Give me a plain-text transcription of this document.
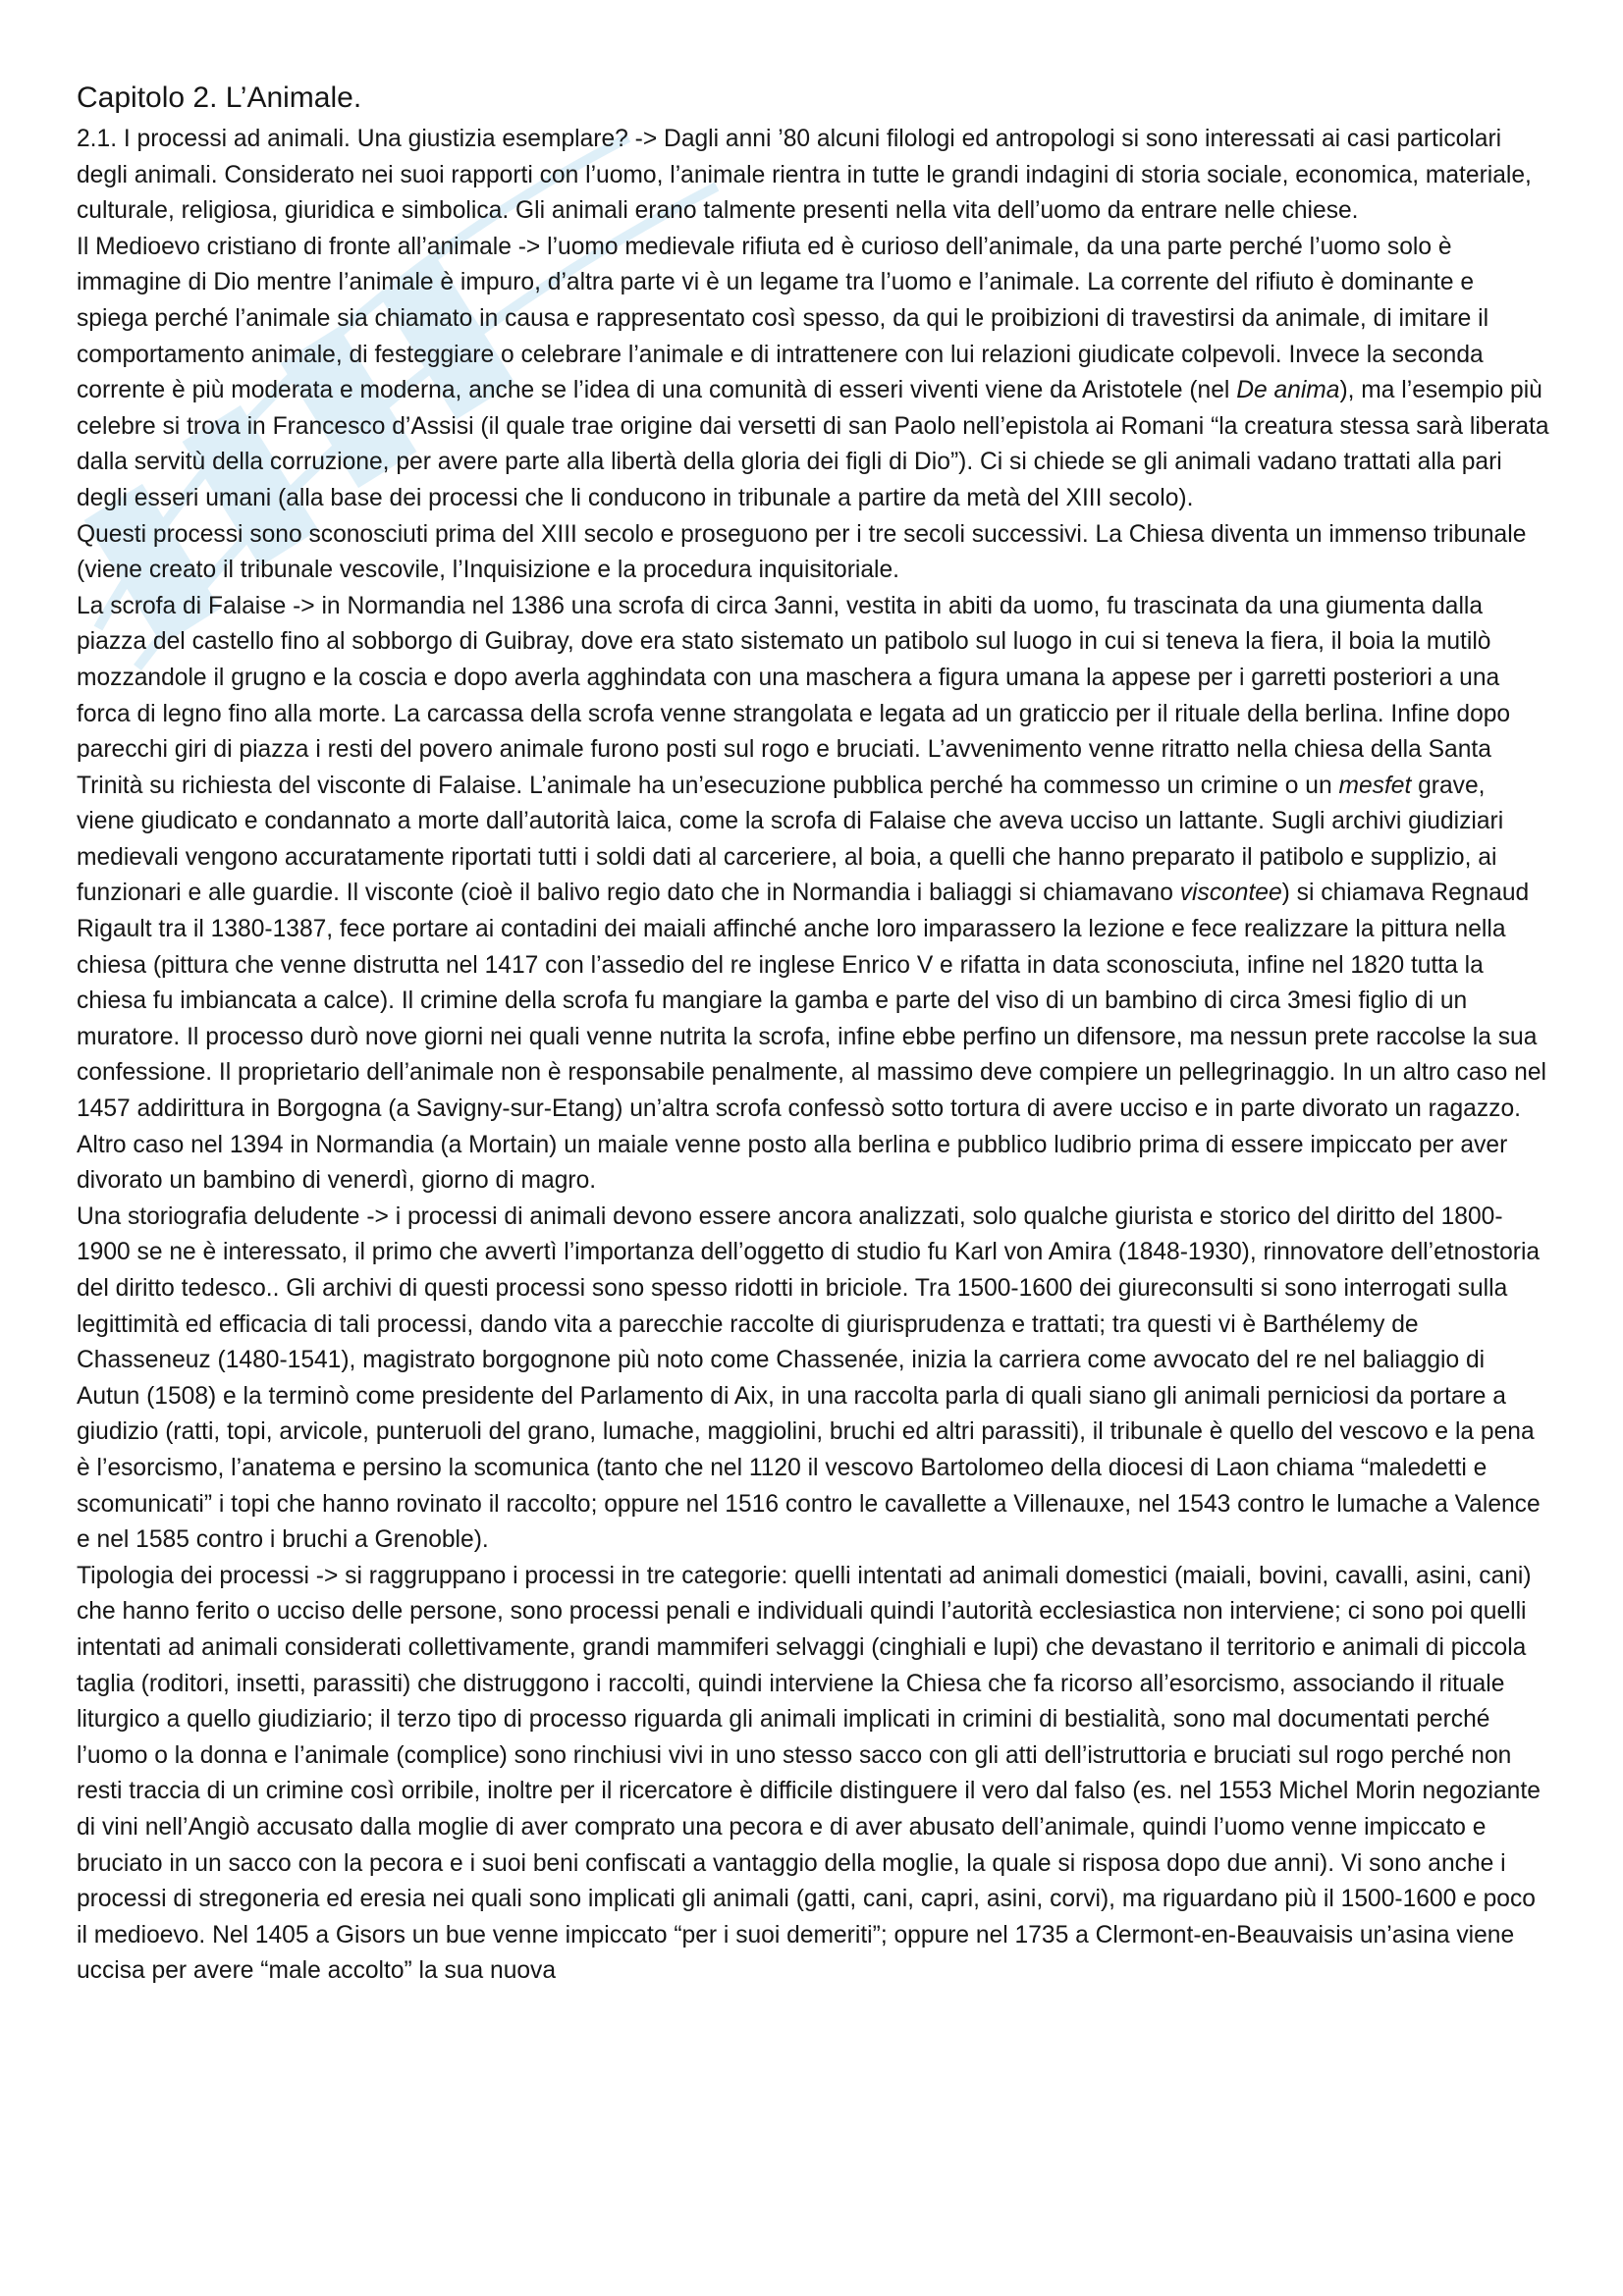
Capitolo 2. L’Animale.

2.1. I processi ad animali. Una giustizia esemplare? -> Dagli anni ’80 alcuni filologi ed antropologi si sono interessati ai casi particolari degli animali. Considerato nei suoi rapporti con l’uomo, l’animale rientra in tutte le grandi indagini di storia sociale, economica, materiale, culturale, religiosa, giuridica e simbolica. Gli animali erano talmente presenti nella vita dell’uomo da entrare nelle chiese.

Il Medioevo cristiano di fronte all’animale -> l’uomo medievale rifiuta ed è curioso dell’animale, da una parte perché l’uomo solo è immagine di Dio mentre l’animale è impuro, d’altra parte vi è un legame tra l’uomo e l’animale. La corrente del rifiuto è dominante e spiega perché l’animale sia chiamato in causa e rappresentato così spesso, da qui le proibizioni di travestirsi da animale, di imitare il comportamento animale, di festeggiare o celebrare l’animale e di intrattenere con lui relazioni giudicate colpevoli. Invece la seconda corrente è più moderata e moderna, anche se l’idea di una comunità di esseri viventi viene da Aristotele (nel De anima), ma l’esempio più celebre si trova in Francesco d’Assisi (il quale trae origine dai versetti di san Paolo nell’epistola ai Romani “la creatura stessa sarà liberata dalla servitù della corruzione, per avere parte alla libertà della gloria dei figli di Dio”). Ci si chiede se gli animali vadano trattati alla pari degli esseri umani (alla base dei processi che li conducono in tribunale a partire da metà del XIII secolo).

Questi processi sono sconosciuti prima del XIII secolo e proseguono per i tre secoli successivi. La Chiesa diventa un immenso tribunale (viene creato il tribunale vescovile, l’Inquisizione e la procedura inquisitoriale.

La scrofa di Falaise -> in Normandia nel 1386 una scrofa di circa 3anni, vestita in abiti da uomo, fu trascinata da una giumenta dalla piazza del castello fino al sobborgo di Guibray, dove era stato sistemato un patibolo sul luogo in cui si teneva la fiera, il boia la mutilò mozzandole il grugno e la coscia e dopo averla agghindata con una maschera a figura umana la appese per i garretti posteriori a una forca di legno fino alla morte. La carcassa della scrofa venne strangolata e legata ad un graticcio per il rituale della berlina. Infine dopo parecchi giri di piazza i resti del povero animale furono posti sul rogo e bruciati. L’avvenimento venne ritratto nella chiesa della Santa Trinità su richiesta del visconte di Falaise. L’animale ha un’esecuzione pubblica perché ha commesso un crimine o un mesfet grave, viene giudicato e condannato a morte dall’autorità laica, come la scrofa di Falaise che aveva ucciso un lattante. Sugli archivi giudiziari medievali vengono accuratamente riportati tutti i soldi dati al carceriere, al boia, a quelli che hanno preparato il patibolo e supplizio, ai funzionari e alle guardie. Il visconte (cioè il balivo regio dato che in Normandia i baliaggi si chiamavano viscontee) si chiamava Regnaud Rigault tra il 1380-1387, fece portare ai contadini dei maiali affinché anche loro imparassero la lezione e fece realizzare la pittura nella chiesa (pittura che venne distrutta nel 1417 con l’assedio del re inglese Enrico V e rifatta in data sconosciuta, infine nel 1820 tutta la chiesa fu imbiancata a calce). Il crimine della scrofa fu mangiare la gamba e parte del viso di un bambino di circa 3mesi figlio di un muratore. Il processo durò nove giorni nei quali venne nutrita la scrofa, infine ebbe perfino un difensore, ma nessun prete raccolse la sua confessione. Il proprietario dell’animale non è responsabile penalmente, al massimo deve compiere un pellegrinaggio. In un altro caso nel 1457 addirittura in Borgogna (a Savigny-sur-Etang) un’altra scrofa confessò sotto tortura di avere ucciso e in parte divorato un ragazzo. Altro caso nel 1394 in Normandia (a Mortain) un maiale venne posto alla berlina e pubblico ludibrio prima di essere impiccato per aver divorato un bambino di venerdì, giorno di magro.

Una storiografia deludente -> i processi di animali devono essere ancora analizzati, solo qualche giurista e storico del diritto del 1800-1900 se ne è interessato, il primo che avvertì l’importanza dell’oggetto di studio fu Karl von Amira (1848-1930), rinnovatore dell’etnostoria del diritto tedesco.. Gli archivi di questi processi sono spesso ridotti in briciole. Tra 1500-1600 dei giureconsulti si sono interrogati sulla legittimità ed efficacia di tali processi, dando vita a parecchie raccolte di giurisprudenza e trattati; tra questi vi è Barthélemy de Chasseneuz (1480-1541), magistrato borgognone più noto come Chassenée, inizia la carriera come avvocato del re nel baliaggio di Autun (1508) e la terminò come presidente del Parlamento di Aix, in una raccolta parla di quali siano gli animali perniciosi da portare a giudizio (ratti, topi, arvicole, punteruoli del grano, lumache, maggiolini, bruchi ed altri parassiti), il tribunale è quello del vescovo e la pena è l’esorcismo, l’anatema e persino la scomunica (tanto che nel 1120 il vescovo Bartolomeo della diocesi di Laon chiama “maledetti e scomunicati” i topi che hanno rovinato il raccolto; oppure nel 1516 contro le cavallette a Villenauxe, nel 1543 contro le lumache a Valence e nel 1585 contro i bruchi a Grenoble).

Tipologia dei processi -> si raggruppano i processi in tre categorie: quelli intentati ad animali domestici (maiali, bovini, cavalli, asini, cani) che hanno ferito o ucciso delle persone, sono processi penali e individuali quindi l’autorità ecclesiastica non interviene; ci sono poi quelli intentati ad animali considerati collettivamente, grandi mammiferi selvaggi (cinghiali e lupi) che devastano il territorio e animali di piccola taglia (roditori, insetti, parassiti) che distruggono i raccolti, quindi interviene la Chiesa che fa ricorso all’esorcismo, associando il rituale liturgico a quello giudiziario; il terzo tipo di processo riguarda gli animali implicati in crimini di bestialità, sono mal documentati perché l’uomo o la donna e l’animale (complice) sono rinchiusi vivi in uno stesso sacco con gli atti dell’istruttoria e bruciati sul rogo perché non resti traccia di un crimine così orribile, inoltre per il ricercatore è difficile distinguere il vero dal falso (es. nel 1553 Michel Morin negoziante di vini nell’Angiò accusato dalla moglie di aver comprato una pecora e di aver abusato dell’animale, quindi l’uomo venne impiccato e bruciato in un sacco con la pecora e i suoi beni confiscati a vantaggio della moglie, la quale si risposa dopo due anni). Vi sono anche i processi di stregoneria ed eresia nei quali sono implicati gli animali (gatti, cani, capri, asini, corvi), ma riguardano più il 1500-1600 e poco il medioevo. Nel 1405 a Gisors un bue venne impiccato “per i suoi demeriti”; oppure nel 1735 a Clermont-en-Beauvaisis un’asina viene uccisa per avere “male accolto” la sua nuova
